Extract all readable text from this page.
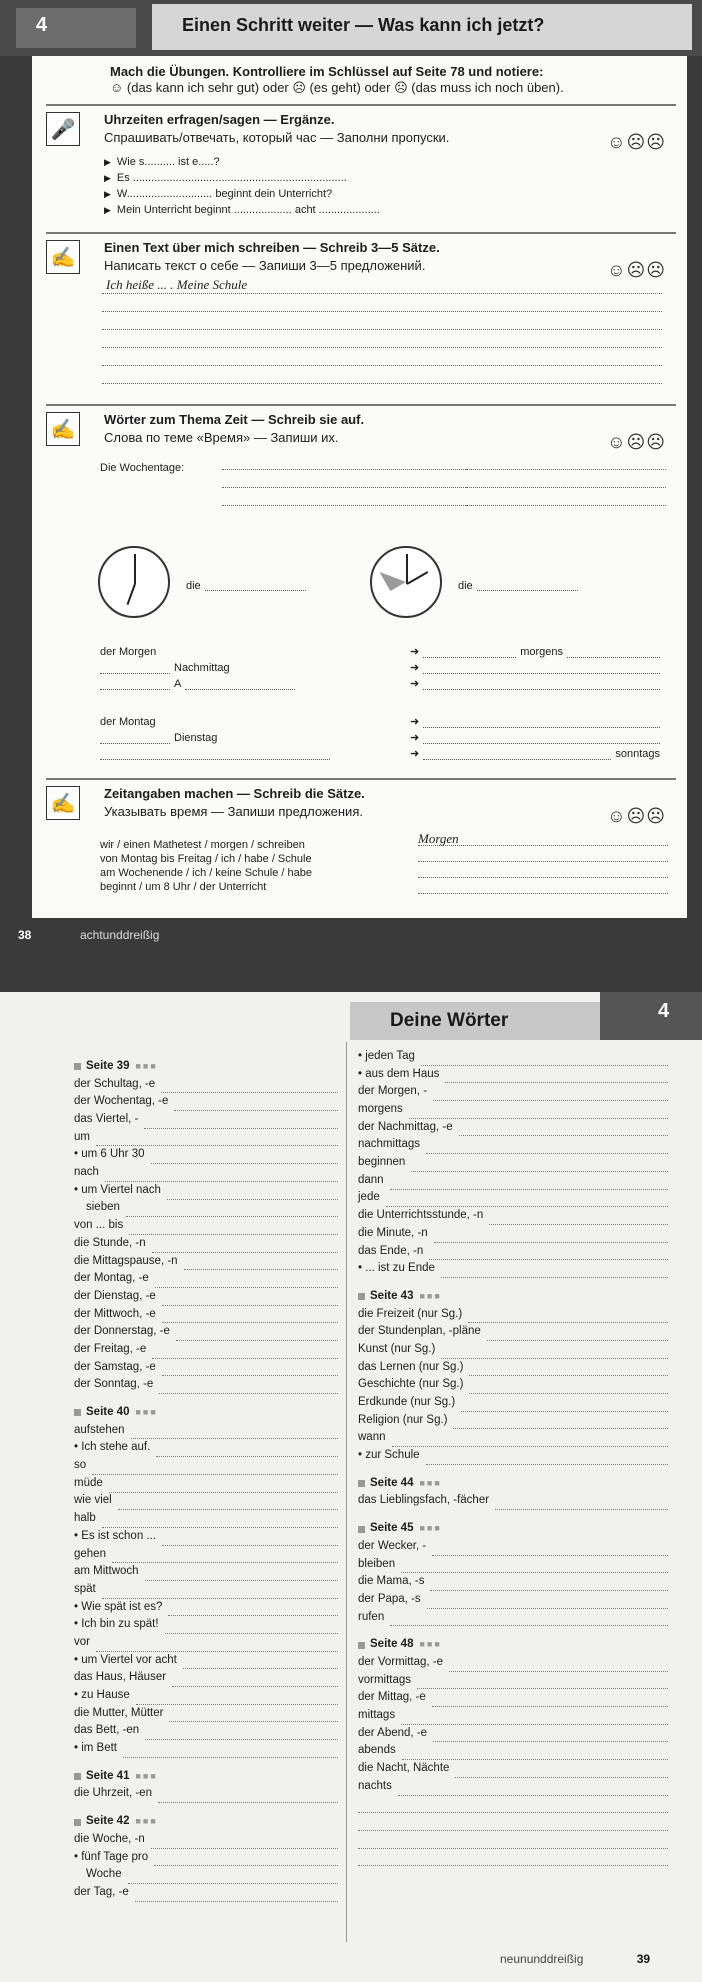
4	Einen Schritt weiter — Was kann ich jetzt?
Mach die Übungen. Kontrolliere im Schlüssel auf Seite 78 und notiere:
☺ (das kann ich sehr gut) oder ☹ (es geht) oder ☹ (das muss ich noch üben).
🎤	Uhrzeiten erfragen/sagen — Ergänze.
Спрашивать/отвечать, который час — Заполни пропуски.	☺☹☹
▶ Wie s.......... ist e.....?
▶ Es ......................................................................
▶ W............................ beginnt dein Unterricht?
▶ Mein Unterricht beginnt ................... acht ....................
✍	Einen Text über mich schreiben — Schreib 3—5 Sätze.
Написать текст о себе — Запиши 3—5 предложений.	☺☹☹
Ich heiße ... . Meine Schule
✍	Wörter zum Thema Zeit — Schreib sie auf.
Слова по теме «Время» — Запиши их.	☺☹☹
Die Wochentage:
die	die
der Morgen	➜	morgens
Nachmittag	➜
A	➜
der Montag	➜
Dienstag	➜
➜	sonntags
✍	Zeitangaben machen — Schreib die Sätze.
Указывать время — Запиши предложения.	☺☹☹
wir / einen Mathetest / morgen / schreiben
von Montag bis Freitag / ich / habe / Schule
am Wochenende / ich / keine Schule / habe
beginnt / um 8 Uhr / der Unterricht
Morgen
38	achtunddreißig
Deine Wörter	4
Seite 39 ■■■
der Schultag, -e
der Wochentag, -e
das Viertel, -
um
• um 6 Uhr 30
nach
• um Viertel nach
sieben
von ... bis
die Stunde, -n
die Mittagspause, -n
der Montag, -e
der Dienstag, -e
der Mittwoch, -e
der Donnerstag, -e
der Freitag, -e
der Samstag, -e
der Sonntag, -e
Seite 40 ■■■
aufstehen
• Ich stehe auf.
so
müde
wie viel
halb
• Es ist schon ...
gehen
am Mittwoch
spät
• Wie spät ist es?
• Ich bin zu spät!
vor
• um Viertel vor acht
das Haus, Häuser
• zu Hause
die Mutter, Mütter
das Bett, -en
• im Bett
Seite 41 ■■■
die Uhrzeit, -en
Seite 42 ■■■
die Woche, -n
• fünf Tage pro
Woche
der Tag, -e
• jeden Tag
• aus dem Haus
der Morgen, -
morgens
der Nachmittag, -e
nachmittags
beginnen
dann
jede
die Unterrichtsstunde, -n
die Minute, -n
das Ende, -n
• ... ist zu Ende
Seite 43 ■■■
die Freizeit (nur Sg.)
der Stundenplan, -pläne
Kunst (nur Sg.)
das Lernen (nur Sg.)
Geschichte (nur Sg.)
Erdkunde (nur Sg.)
Religion (nur Sg.)
wann
• zur Schule
Seite 44 ■■■
das Lieblingsfach, -fächer
Seite 45 ■■■
der Wecker, -
bleiben
die Mama, -s
der Papa, -s
rufen
Seite 48 ■■■
der Vormittag, -e
vormittags
der Mittag, -e
mittags
der Abend, -e
abends
die Nacht, Nächte
nachts
neununddreißig	39
